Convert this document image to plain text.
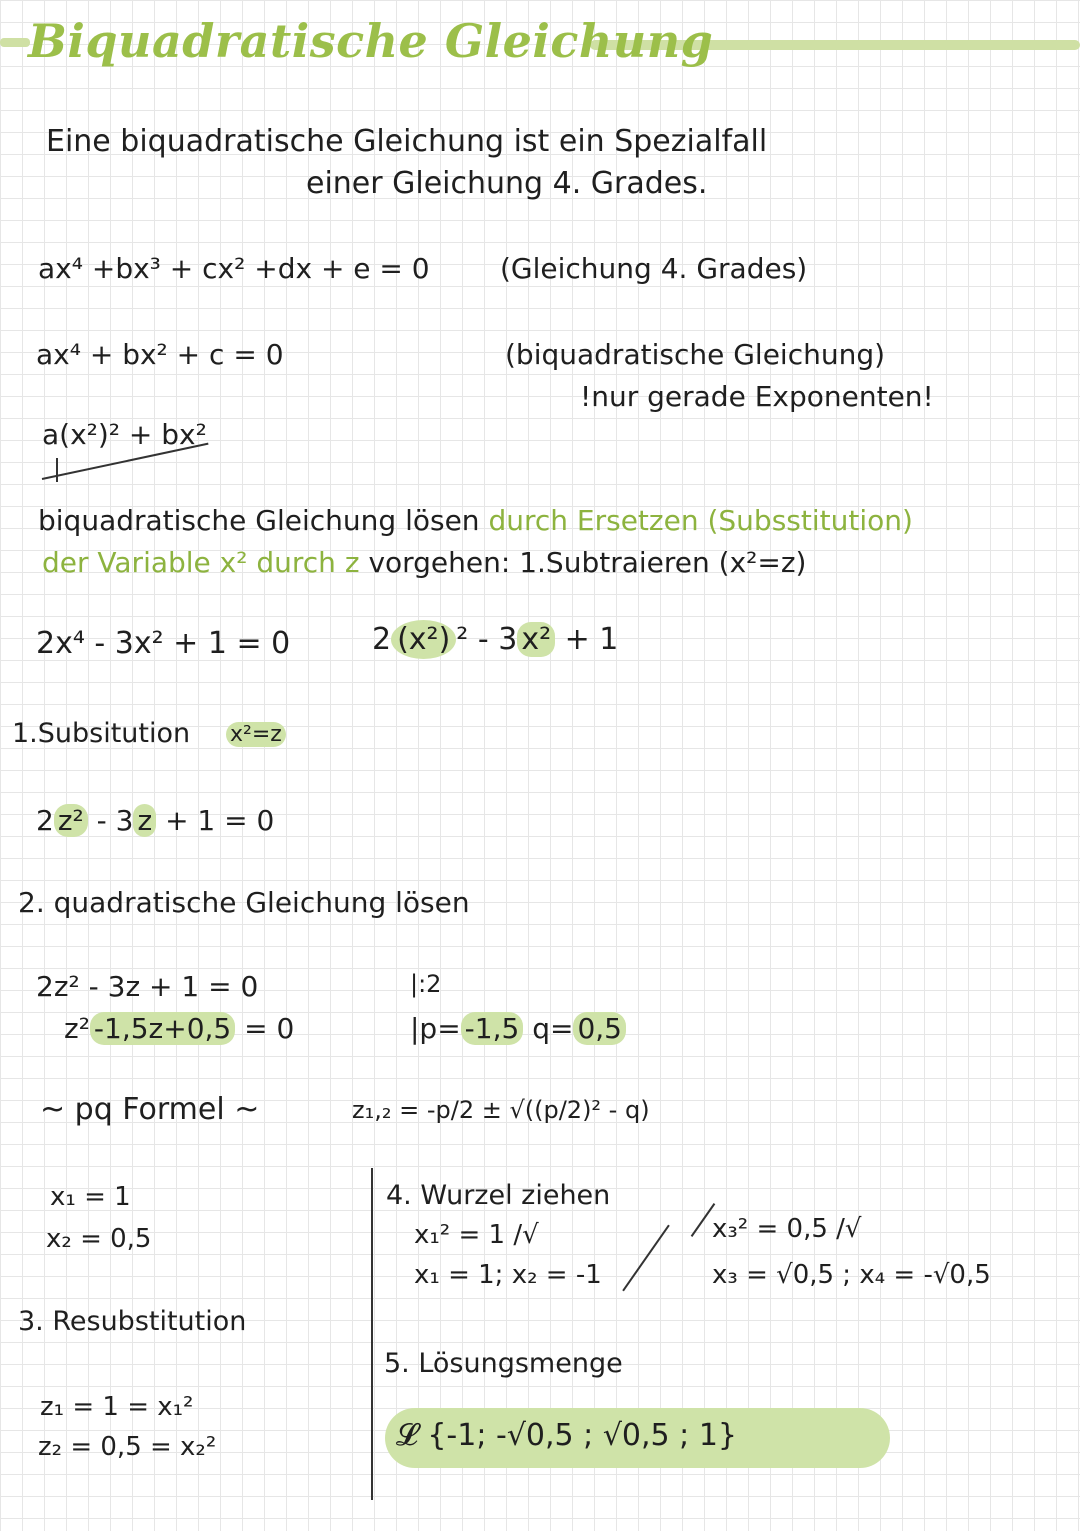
Biquadratische Gleichung
Eine biquadratische Gleichung ist ein Spezialfall
einer Gleichung 4. Grades.
ax⁴ +bx³ + cx² +dx + e = 0	(Gleichung 4. Grades)
ax⁴ + bx² + c = 0	(biquadratische Gleichung)
!nur gerade Exponenten!
a(x²)² + bx²
biquadratische Gleichung lösen durch Ersetzen (Subsstitution)
der Variable x² durch z vorgehen: 1.Subtraieren (x²=z)
2x⁴ - 3x² + 1 = 0	2 (x²) ² - 3 x² + 1
1.Subsitution x²=z
2 z² - 3 z + 1 = 0
2. quadratische Gleichung lösen
2z² - 3z + 1 = 0	|:2
z² -1,5z+0,5 = 0	|p= -1,5 q= 0,5
~ pq Formel ~	z₁,₂ = -p/2 ± √((p/2)² - q)
x₁ = 1
x₂ = 0,5
3. Resubstitution
z₁ = 1 = x₁²
z₂ = 0,5 = x₂²
4. Wurzel ziehen
x₁² = 1 /√
x₁ = 1; x₂ = -1
x₃² = 0,5 /√
x₃ = √0,5 ; x₄ = -√0,5
5. Lösungsmenge
𝓛 {-1; -√0,5 ; √0,5 ; 1}
